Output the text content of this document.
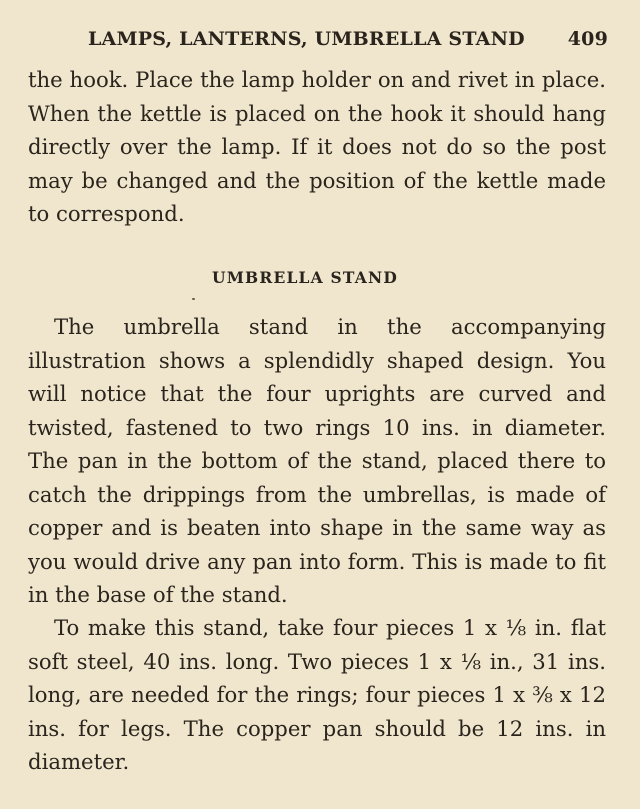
LAMPS, LANTERNS, UMBRELLA STAND 409
the hook. Place the lamp holder on and rivet in place. When the kettle is placed on the hook it should hang directly over the lamp. If it does not do so the post may be changed and the position of the kettle made to correspond.
UMBRELLA STAND
The umbrella stand in the accompanying illustration shows a splendidly shaped design. You will notice that the four uprights are curved and twisted, fastened to two rings 10 ins. in diameter. The pan in the bottom of the stand, placed there to catch the drippings from the umbrellas, is made of copper and is beaten into shape in the same way as you would drive any pan into form. This is made to fit in the base of the stand.
To make this stand, take four pieces 1 x ⅛ in. flat soft steel, 40 ins. long. Two pieces 1 x ⅛ in., 31 ins. long, are needed for the rings; four pieces 1 x ⅜ x 12 ins. for legs. The copper pan should be 12 ins. in diameter.
